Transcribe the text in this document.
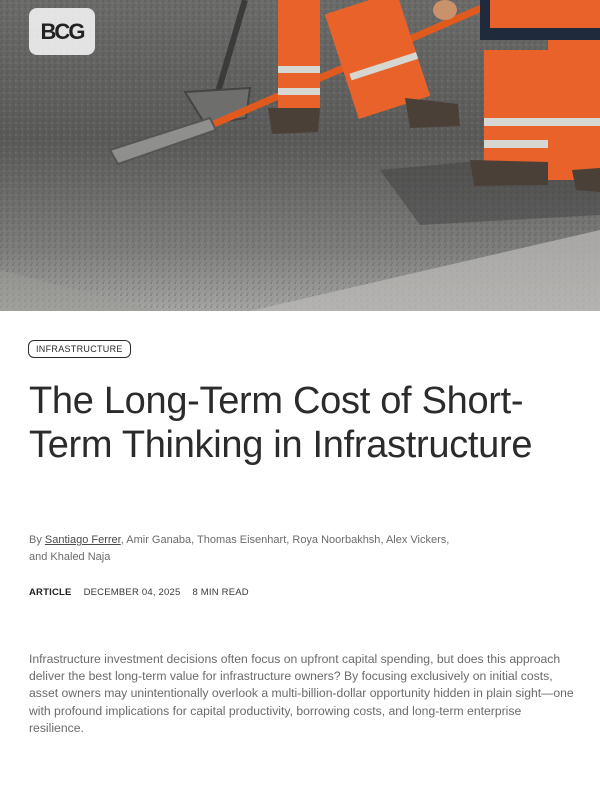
BCG
INFRASTRUCTURE
The Long-Term Cost of Short-Term Thinking in Infrastructure
By Santiago Ferrer, Amir Ganaba, Thomas Eisenhart, Roya Noorbakhsh, Alex Vickers, and Khaled Naja
ARTICLE DECEMBER 04, 2025 8 MIN READ

Infrastructure investment decisions often focus on upfront capital spending, but does this approach deliver the best long-term value for infrastructure owners? By focusing exclusively on initial costs, asset owners may unintentionally overlook a multi-billion-dollar opportunity hidden in plain sight—one with profound implications for capital productivity, borrowing costs, and long-term enterprise resilience.
